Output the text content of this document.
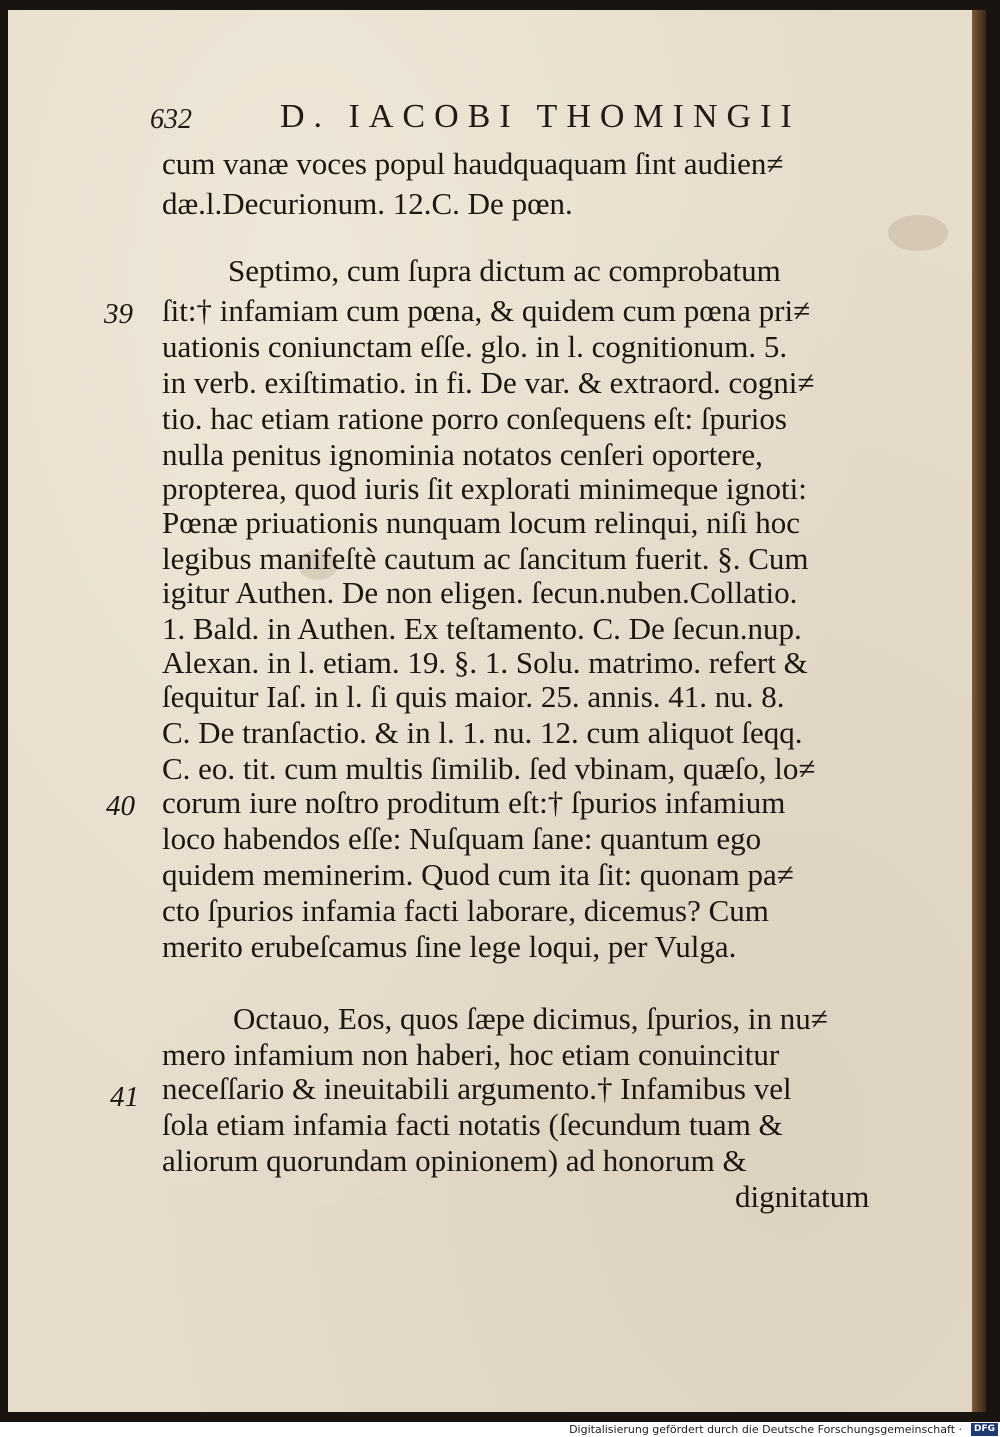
632	D. IACOBI THOMINGII

cum vanæ voces popul haudquaquam ſint audien≠

dæ.l.Decurionum. 12.C. De pœn.

Septimo, cum ſupra dictum ac comprobatum

ſit:† infamiam cum pœna, & quidem cum pœna pri≠

uationis coniunctam eſſe. glo. in l. cognitionum. 5.

in verb. exiſtimatio. in fi. De var. & extraord. cogni≠

tio. hac etiam ratione porro conſequens eſt: ſpurios

nulla penitus ignominia notatos cenſeri oportere,

propterea, quod iuris ſit explorati minimeque ignoti:

Pœnæ priuationis nunquam locum relinqui, niſi hoc

legibus manifeſtè cautum ac ſancitum fuerit. §. Cum

igitur Authen. De non eligen. ſecun.nuben.Collatio.

1. Bald. in Authen. Ex teſtamento. C. De ſecun.nup.

Alexan. in l. etiam. 19. §. 1. Solu. matrimo. refert &

ſequitur Iaſ. in l. ſi quis maior. 25. annis. 41. nu. 8.

C. De tranſactio. & in l. 1. nu. 12. cum aliquot ſeqq.

C. eo. tit. cum multis ſimilib. ſed vbinam, quæſo, lo≠

corum iure noſtro proditum eſt:† ſpurios infamium

loco habendos eſſe: Nuſquam ſane: quantum ego

quidem meminerim. Quod cum ita ſit: quonam pa≠

cto ſpurios infamia facti laborare, dicemus? Cum

merito erubeſcamus ſine lege loqui, per Vulga.

Octauo, Eos, quos ſæpe dicimus, ſpurios, in nu≠

mero infamium non haberi, hoc etiam conuincitur

neceſſario & ineuitabili argumento.† Infamibus vel

ſola etiam infamia facti notatis (ſecundum tuam &

aliorum quorundam opinionem) ad honorum &

dignitatum

39
40
41
Digitalisierung gefördert durch die Deutsche Forschungsgemeinschaft ·	DFG
